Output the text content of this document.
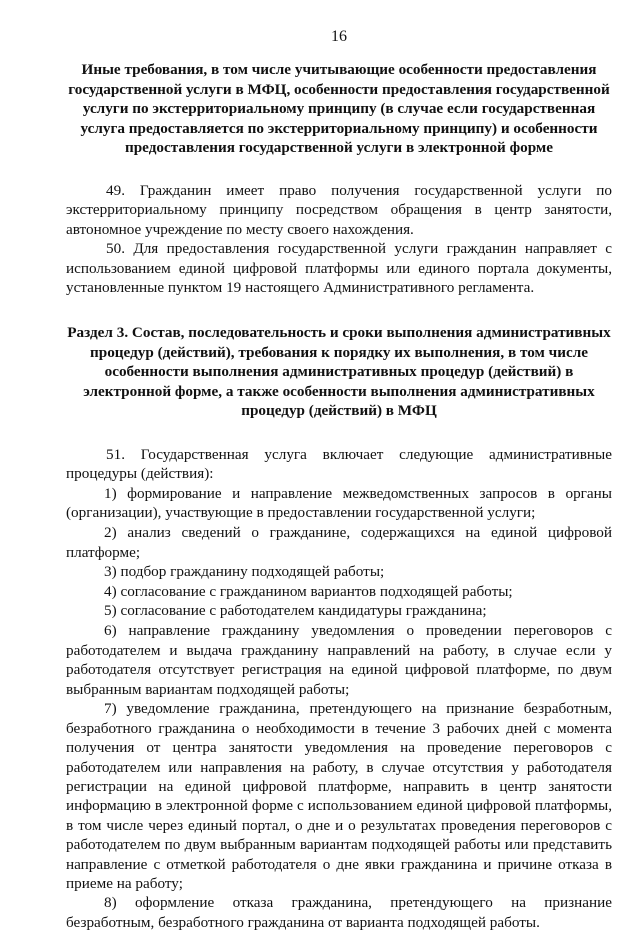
16

Иные требования, в том числе учитывающие особенности предоставления государственной услуги в МФЦ, особенности предоставления государственной услуги по экстерриториальному принципу (в случае если государственная услуга предоставляется по экстерриториальному принципу) и особенности предоставления государственной услуги в электронной форме

49. Гражданин имеет право получения государственной услуги по экстерриториальному принципу посредством обращения в центр занятости, автономное учреждение по месту своего нахождения.

50. Для предоставления государственной услуги гражданин направляет с использованием единой цифровой платформы или единого портала документы, установленные пунктом 19 настоящего Административного регламента.

Раздел 3. Состав, последовательность и сроки выполнения административных процедур (действий), требования к порядку их выполнения, в том числе особенности выполнения административных процедур (действий) в электронной форме, а также особенности выполнения административных процедур (действий) в МФЦ

51. Государственная услуга включает следующие административные процедуры (действия):

1) формирование и направление межведомственных запросов в органы (организации), участвующие в предоставлении государственной услуги;

2) анализ сведений о гражданине, содержащихся на единой цифровой платформе;

3) подбор гражданину подходящей работы;

4) согласование с гражданином вариантов подходящей работы;

5) согласование с работодателем кандидатуры гражданина;

6) направление гражданину уведомления о проведении переговоров с работодателем и выдача гражданину направлений на работу, в случае если у работодателя отсутствует регистрация на единой цифровой платформе, по двум выбранным вариантам подходящей работы;

7) уведомление гражданина, претендующего на признание безработным, безработного гражданина о необходимости в течение 3 рабочих дней с момента получения от центра занятости уведомления на проведение переговоров с работодателем или направления на работу, в случае отсутствия у работодателя регистрации на единой цифровой платформе, направить в центр занятости информацию в электронной форме с использованием единой цифровой платформы, в том числе через единый портал, о дне и о результатах проведения переговоров с работодателем по двум выбранным вариантам подходящей работы или представить направление с отметкой работодателя о дне явки гражданина и причине отказа в приеме на работу;

8) оформление отказа гражданина, претендующего на признание безработным, безработного гражданина от варианта подходящей работы.
